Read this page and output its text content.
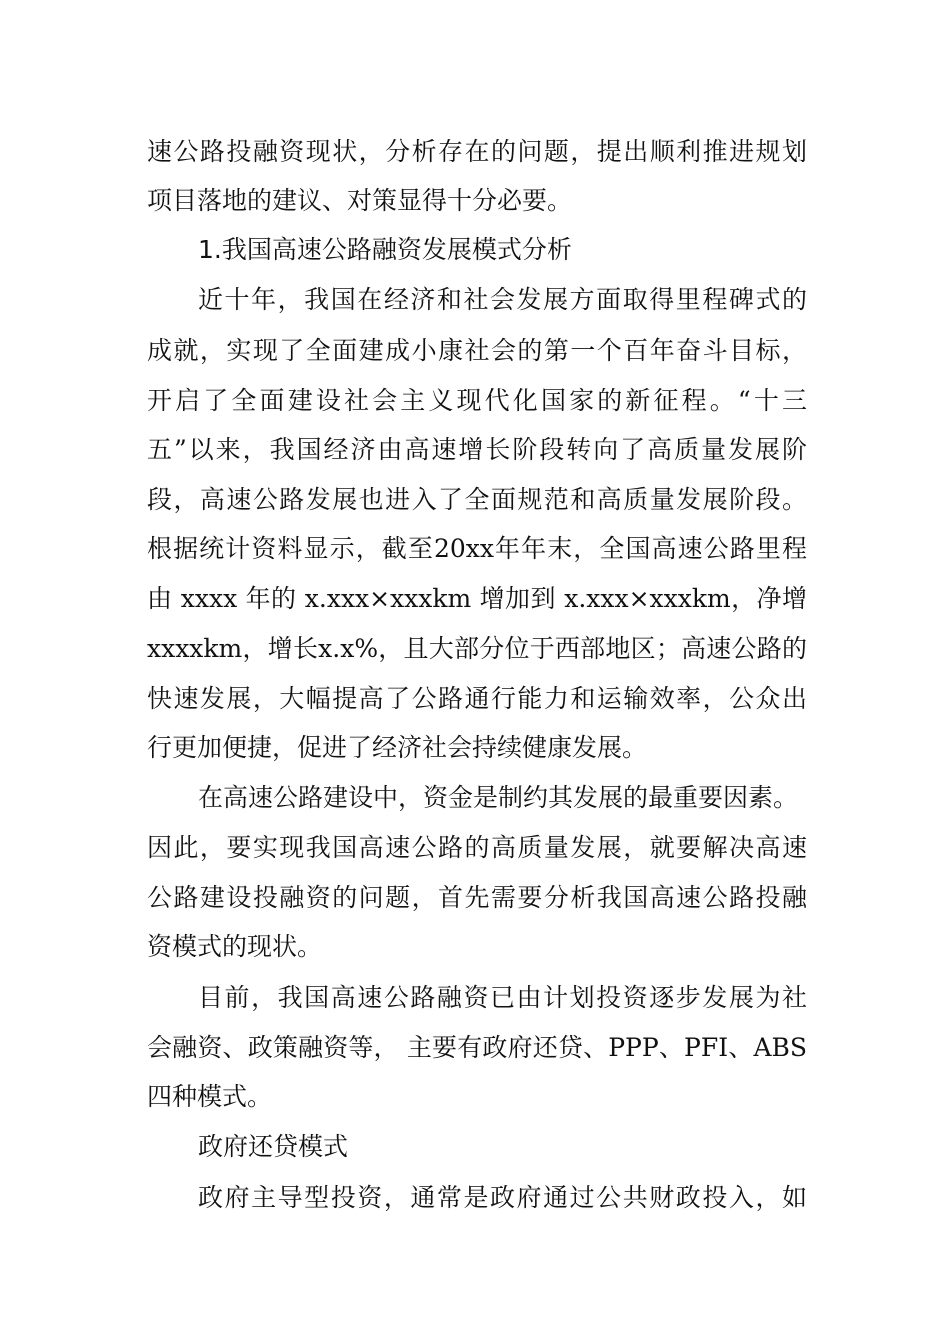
速公路投融资现状，分析存在的问题，提出顺利推进规划
项目落地的建议、对策显得十分必要。
1.我国高速公路融资发展模式分析
近十年，我国在经济和社会发展方面取得里程碑式的
成就，实现了全面建成小康社会的第一个百年奋斗目标，
开启了全面建设社会主义现代化国家的新征程。“十三
五”以来，我国经济由高速增长阶段转向了高质量发展阶
段，高速公路发展也进入了全面规范和高质量发展阶段。
根据统计资料显示，截至20xx年年末，全国高速公路里程
由 xxxx 年的 x.xxx×xxxkm 增加到 x.xxx×xxxkm，净增
xxxxkm，增长x.x%，且大部分位于西部地区；高速公路的
快速发展，大幅提高了公路通行能力和运输效率，公众出
行更加便捷，促进了经济社会持续健康发展。
在高速公路建设中，资金是制约其发展的最重要因素。
因此，要实现我国高速公路的高质量发展，就要解决高速
公路建设投融资的问题，首先需要分析我国高速公路投融
资模式的现状。
目前，我国高速公路融资已由计划投资逐步发展为社
会融资、政策融资等， 主要有政府还贷、PPP、PFI、ABS
四种模式。
政府还贷模式
政府主导型投资，通常是政府通过公共财政投入，如
